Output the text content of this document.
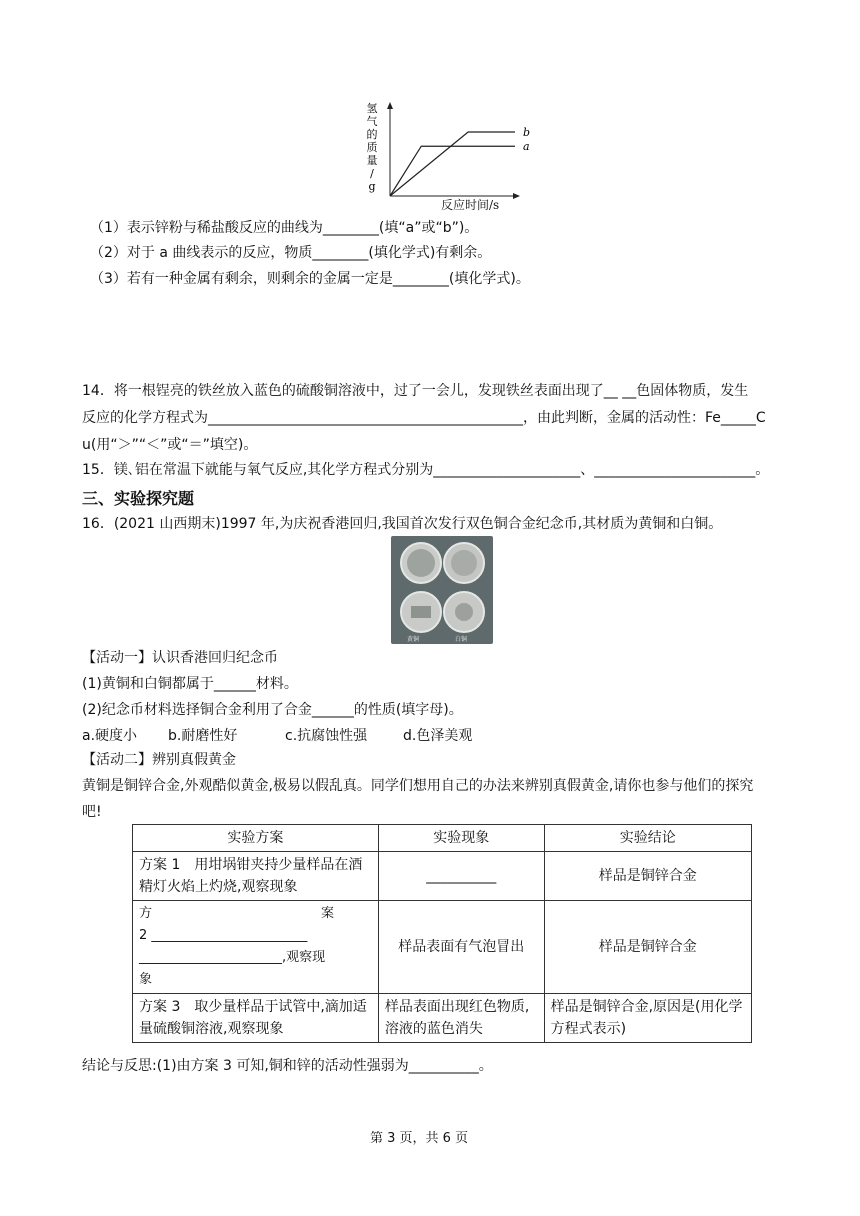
氢
气
的
质
量
/
g
a
b
反应时间/s
（1）表示锌粉与稀盐酸反应的曲线为________(填“a”或“b”)。
（2）对于 a 曲线表示的反应，物质________(填化学式)有剩余。
（3）若有一种金属有剩余，则剩余的金属一定是________(填化学式)。
14．将一根锃亮的铁丝放入蓝色的硫酸铜溶液中，过了一会儿，发现铁丝表面出现了__ __色固体物质，发生
反应的化学方程式为_____________________________________________，由此判断，金属的活动性：Fe_____C
u(用“＞”“＜”或“＝”填空)。
15．镁､铝在常温下就能与氧气反应,其化学方程式分别为_____________________、_______________________。
三、实验探究题
16．(2021 山西期末)1997 年,为庆祝香港回归,我国首次发行双色铜合金纪念币,其材质为黄铜和白铜。
黄铜	白铜
【活动一】认识香港回归纪念币
(1)黄铜和白铜都属于______材料。
(2)纪念币材料选择铜合金利用了合金______的性质(填字母)。
a.硬度小 b.耐磨性好	c.抗腐蚀性强	d.色泽美观
【活动二】辨别真假黄金
黄铜是铜锌合金,外观酷似黄金,极易以假乱真。同学们想用自己的办法来辨别真假黄金,请你也参与他们的探究
吧!
实验方案	实验现象	实验结论
方案 1　用坩埚钳夹持少量样品在酒精灯火焰上灼烧,观察现象	__________	样品是铜锌合金

方　　　　　　　　　　　　　案
2 ________________________
______________________,观察现
象	样品表面有气泡冒出	样品是铜锌合金
方案 3　取少量样品于试管中,滴加适量硫酸铜溶液,观察现象	样品表面出现红色物质,溶液的蓝色消失	样品是铜锌合金,原因是(用化学方程式表示)
结论与反思:(1)由方案 3 可知,铜和锌的活动性强弱为__________。
第 3 页，共 6 页
